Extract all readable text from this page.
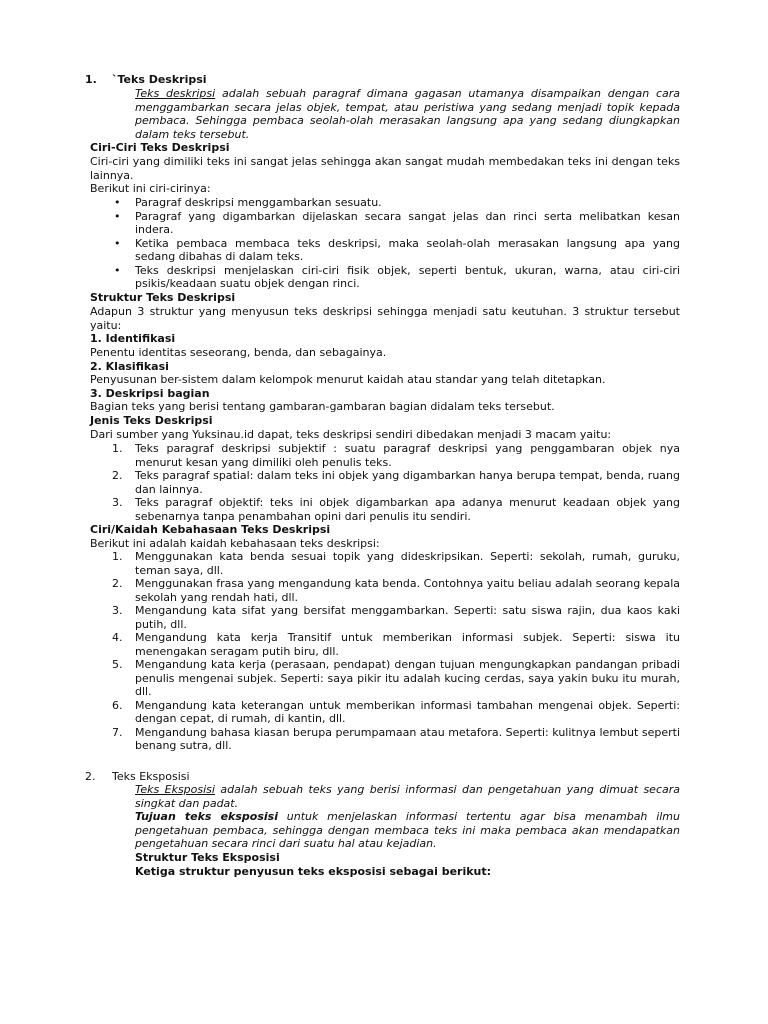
1. `Teks Deskripsi
Teks deskripsi adalah sebuah paragraf dimana gagasan utamanya disampaikan dengan cara menggambarkan secara jelas objek, tempat, atau peristiwa yang sedang menjadi topik kepada pembaca. Sehingga pembaca seolah-olah merasakan langsung apa yang sedang diungkapkan dalam teks tersebut.
Ciri-Ciri Teks Deskripsi
Ciri-ciri yang dimiliki teks ini sangat jelas sehingga akan sangat mudah membedakan teks ini dengan teks lainnya.
Berikut ini ciri-cirinya:
• Paragraf deskripsi menggambarkan sesuatu.
• Paragraf yang digambarkan dijelaskan secara sangat jelas dan rinci serta melibatkan kesan indera.
• Ketika pembaca membaca teks deskripsi, maka seolah-olah merasakan langsung apa yang sedang dibahas di dalam teks.
• Teks deskripsi menjelaskan ciri-ciri fisik objek, seperti bentuk, ukuran, warna, atau ciri-ciri psikis/keadaan suatu objek dengan rinci.
Struktur Teks Deskripsi
Adapun 3 struktur yang menyusun teks deskripsi sehingga menjadi satu keutuhan. 3 struktur tersebut yaitu:
1. Identifikasi
Penentu identitas seseorang, benda, dan sebagainya.
2. Klasifikasi
Penyusunan ber-sistem dalam kelompok menurut kaidah atau standar yang telah ditetapkan.
3. Deskripsi bagian
Bagian teks yang berisi tentang gambaran-gambaran bagian didalam teks tersebut.
Jenis Teks Deskripsi
Dari sumber yang Yuksinau.id dapat, teks deskripsi sendiri dibedakan menjadi 3 macam yaitu:
1. Teks paragraf deskripsi subjektif : suatu paragraf deskripsi yang penggambaran objek nya menurut kesan yang dimiliki oleh penulis teks.
2. Teks paragraf spatial: dalam teks ini objek yang digambarkan hanya berupa tempat, benda, ruang dan lainnya.
3. Teks paragraf objektif: teks ini objek digambarkan apa adanya menurut keadaan objek yang sebenarnya tanpa penambahan opini dari penulis itu sendiri.
Ciri/Kaidah Kebahasaan Teks Deskripsi
Berikut ini adalah kaidah kebahasaan teks deskripsi:
1. Menggunakan kata benda sesuai topik yang dideskripsikan. Seperti: sekolah, rumah, guruku, teman saya, dll.
2. Menggunakan frasa yang mengandung kata benda. Contohnya yaitu beliau adalah seorang kepala sekolah yang rendah hati, dll.
3. Mengandung kata sifat yang bersifat menggambarkan. Seperti: satu siswa rajin, dua kaos kaki putih, dll.
4. Mengandung kata kerja Transitif untuk memberikan informasi subjek. Seperti: siswa itu menengakan seragam putih biru, dll.
5. Mengandung kata kerja (perasaan, pendapat) dengan tujuan mengungkapkan pandangan pribadi penulis mengenai subjek. Seperti: saya pikir itu adalah kucing cerdas, saya yakin buku itu murah, dll.
6. Mengandung kata keterangan untuk memberikan informasi tambahan mengenai objek. Seperti: dengan cepat, di rumah, di kantin, dll.
7. Mengandung bahasa kiasan berupa perumpamaan atau metafora. Seperti: kulitnya lembut seperti benang sutra, dll.
2. Teks Eksposisi
Teks Eksposisi adalah sebuah teks yang berisi informasi dan pengetahuan yang dimuat secara singkat dan padat.
Tujuan teks eksposisi untuk menjelaskan informasi tertentu agar bisa menambah ilmu pengetahuan pembaca, sehingga dengan membaca teks ini maka pembaca akan mendapatkan pengetahuan secara rinci dari suatu hal atau kejadian.
Struktur Teks Eksposisi
Ketiga struktur penyusun teks eksposisi sebagai berikut:
